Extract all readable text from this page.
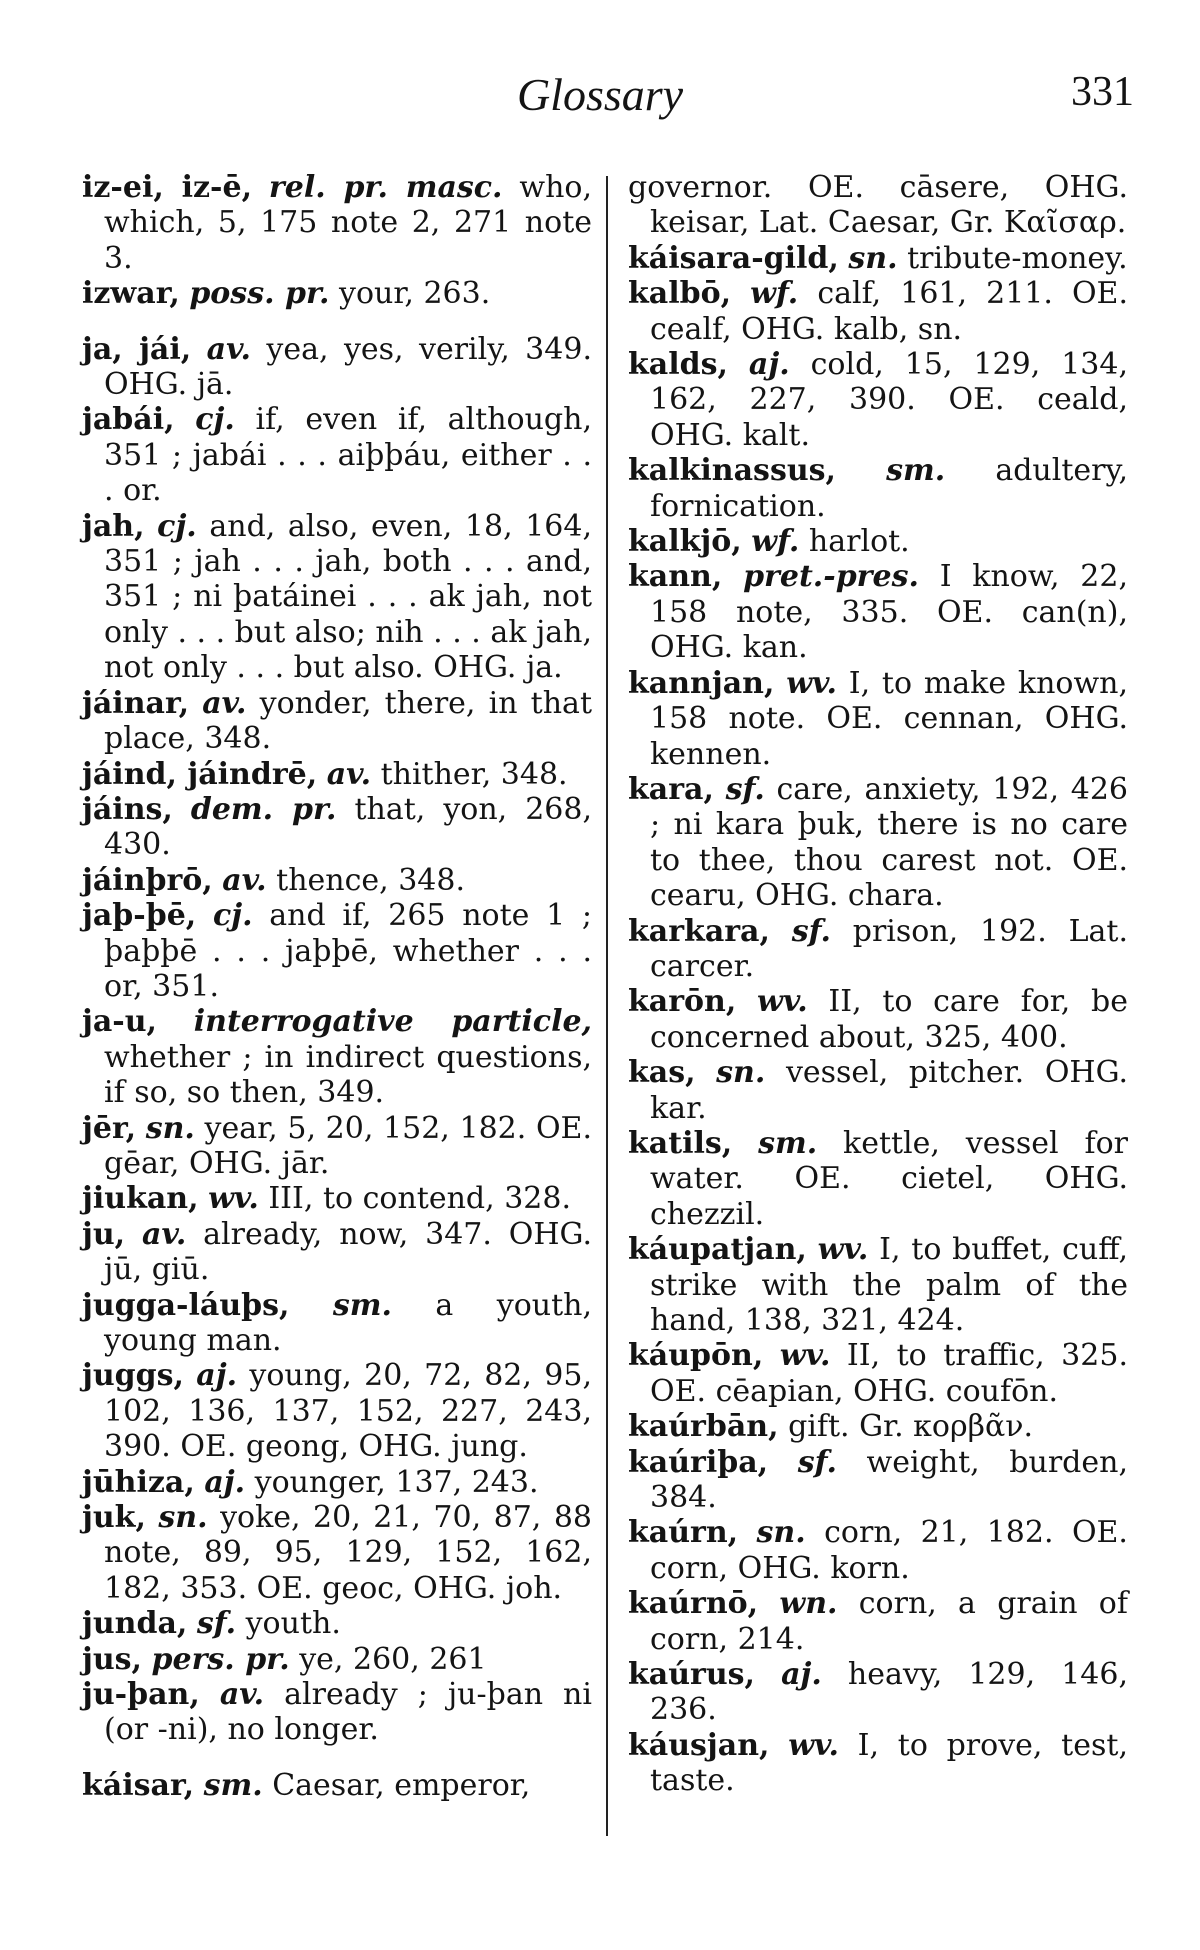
Glossary	331

iz-ei, iz-ē, rel. pr. masc. who, which, 5, 175 note 2, 271 note 3.

izwar, poss. pr. your, 263.

ja, jái, av. yea, yes, verily, 349. OHG. jā.

jabái, cj. if, even if, although, 351 ; jabái . . . aiþþáu, either . . . or.

jah, cj. and, also, even, 18, 164, 351 ; jah . . . jah, both . . . and, 351 ; ni þatáinei . . . ak jah, not only . . . but also; nih . . . ak jah, not only . . . but also. OHG. ja.

jáinar, av. yonder, there, in that place, 348.

jáind, jáindrē, av. thither, 348.

jáins, dem. pr. that, yon, 268, 430.

jáinþrō, av. thence, 348.

jaþ-þē, cj. and if, 265 note 1 ; þaþþē . . . jaþþē, whether . . . or, 351.

ja-u, interrogative particle, whether ; in indirect questions, if so, so then, 349.

jēr, sn. year, 5, 20, 152, 182. OE. gēar, OHG. jār.

jiukan, wv. III, to contend, 328.

ju, av. already, now, 347. OHG. jū, giū.

jugga-láuþs, sm. a youth, young man.

juggs, aj. young, 20, 72, 82, 95, 102, 136, 137, 152, 227, 243, 390. OE. geong, OHG. jung.

jūhiza, aj. younger, 137, 243.

juk, sn. yoke, 20, 21, 70, 87, 88 note, 89, 95, 129, 152, 162, 182, 353. OE. geoc, OHG. joh.

junda, sf. youth.

jus, pers. pr. ye, 260, 261

ju-þan, av. already ; ju-þan ni (or -ni), no longer.

káisar, sm. Caesar, emperor,

governor. OE. cāsere, OHG. keisar, Lat. Caesar, Gr. Καῖσαρ.

káisara-gild, sn. tribute-money.

kalbō, wf. calf, 161, 211. OE. cealf, OHG. kalb, sn.

kalds, aj. cold, 15, 129, 134, 162, 227, 390. OE. ceald, OHG. kalt.

kalkinassus, sm. adultery, fornication.

kalkjō, wf. harlot.

kann, pret.-pres. I know, 22, 158 note, 335. OE. can(n), OHG. kan.

kannjan, wv. I, to make known, 158 note. OE. cennan, OHG. kennen.

kara, sf. care, anxiety, 192, 426 ; ni kara þuk, there is no care to thee, thou carest not. OE. cearu, OHG. chara.

karkara, sf. prison, 192. Lat. carcer.

karōn, wv. II, to care for, be concerned about, 325, 400.

kas, sn. vessel, pitcher. OHG. kar.

katils, sm. kettle, vessel for water. OE. cietel, OHG. chezzil.

káupatjan, wv. I, to buffet, cuff, strike with the palm of the hand, 138, 321, 424.

káupōn, wv. II, to traffic, 325. OE. cēapian, OHG. coufōn.

kaúrbān, gift. Gr. κορβᾶν.

kaúriþa, sf. weight, burden, 384.

kaúrn, sn. corn, 21, 182. OE. corn, OHG. korn.

kaúrnō, wn. corn, a grain of corn, 214.

kaúrus, aj. heavy, 129, 146, 236.

káusjan, wv. I, to prove, test, taste.
